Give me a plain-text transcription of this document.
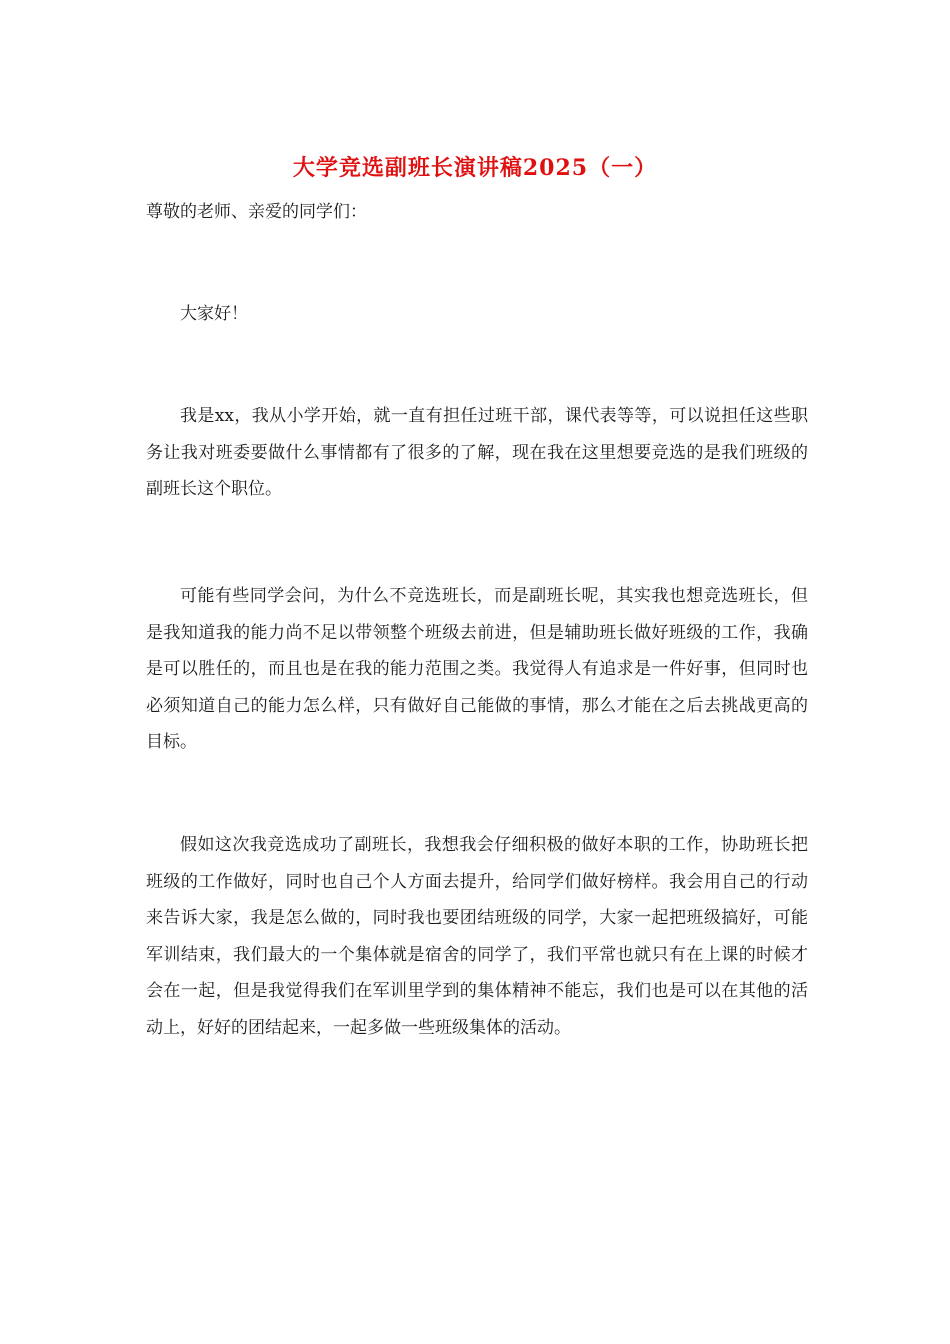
大学竞选副班长演讲稿2025（一）
尊敬的老师、亲爱的同学们：

大家好！

我是xx，我从小学开始，就一直有担任过班干部，课代表等等，可以说担任这些职务让我对班委要做什么事情都有了很多的了解，现在我在这里想要竞选的是我们班级的副班长这个职位。

可能有些同学会问，为什么不竞选班长，而是副班长呢，其实我也想竞选班长，但是我知道我的能力尚不足以带领整个班级去前进，但是辅助班长做好班级的工作，我确是可以胜任的，而且也是在我的能力范围之类。我觉得人有追求是一件好事，但同时也必须知道自己的能力怎么样，只有做好自己能做的事情，那么才能在之后去挑战更高的目标。

假如这次我竞选成功了副班长，我想我会仔细积极的做好本职的工作，协助班长把班级的工作做好，同时也自己个人方面去提升，给同学们做好榜样。我会用自己的行动来告诉大家，我是怎么做的，同时我也要团结班级的同学，大家一起把班级搞好，可能军训结束，我们最大的一个集体就是宿舍的同学了，我们平常也就只有在上课的时候才会在一起，但是我觉得我们在军训里学到的集体精神不能忘，我们也是可以在其他的活动上，好好的团结起来，一起多做一些班级集体的活动。
